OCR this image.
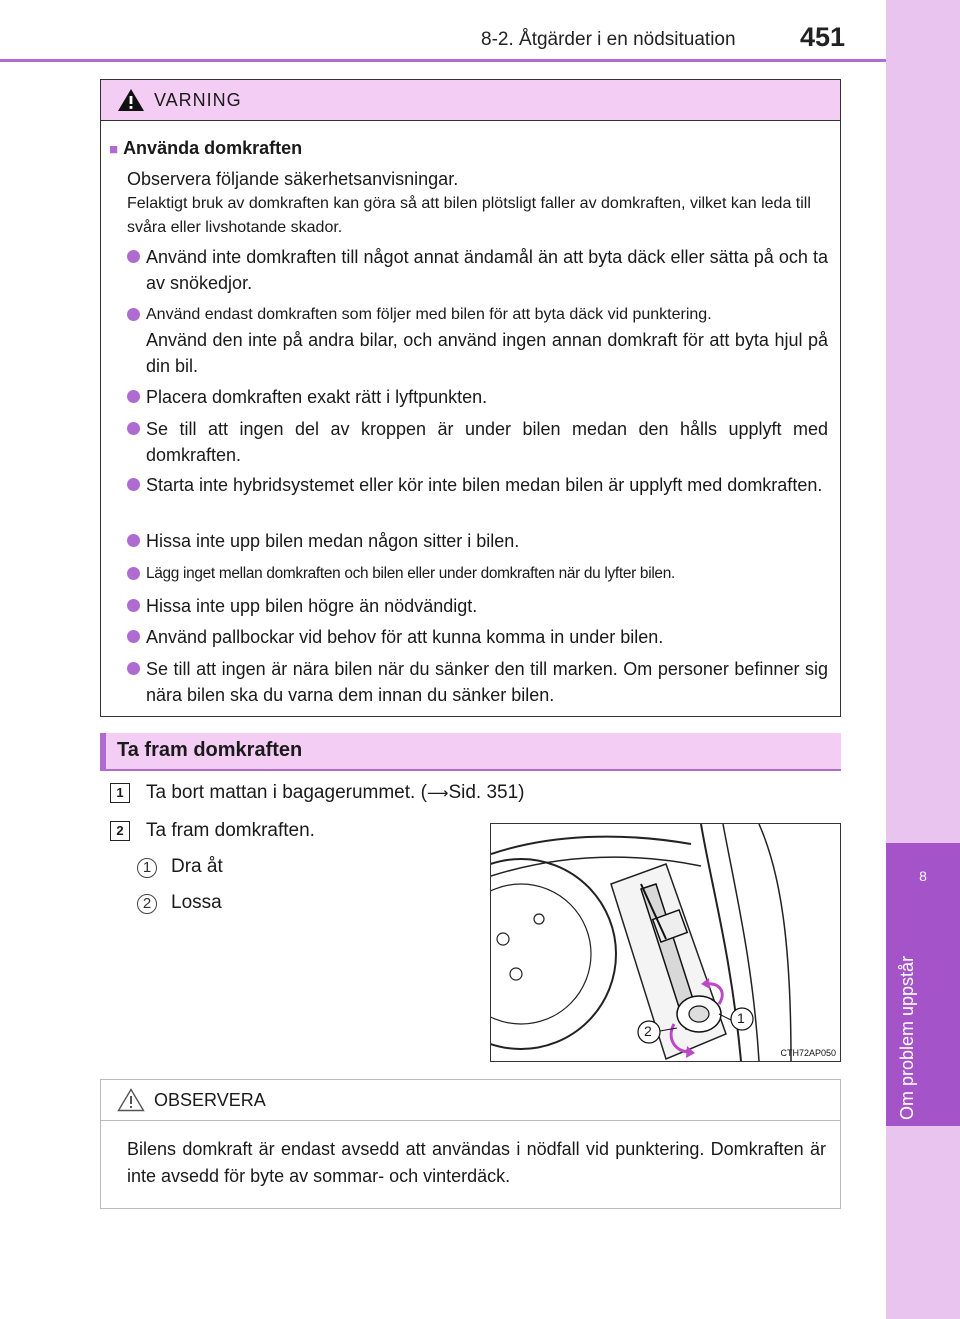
8
Om problem uppstår
8-2. Åtgärder i en nödsituation 451
VARNING
■ Använda domkraften
Observera följande säkerhetsanvisningar.
Felaktigt bruk av domkraften kan göra så att bilen plötsligt faller av domkraften, vilket kan leda till svåra eller livshotande skador.
Använd inte domkraften till något annat ändamål än att byta däck eller sätta på och ta av snökedjor.
Använd endast domkraften som följer med bilen för att byta däck vid punktering.
Använd den inte på andra bilar, och använd ingen annan domkraft för att byta hjul på din bil.
Placera domkraften exakt rätt i lyftpunkten.
Se till att ingen del av kroppen är under bilen medan den hålls upplyft med domkraften.
Starta inte hybridsystemet eller kör inte bilen medan bilen är upplyft med domkraften.
Hissa inte upp bilen medan någon sitter i bilen.
Lägg inget mellan domkraften och bilen eller under domkraften när du lyfter bilen.
Hissa inte upp bilen högre än nödvändigt.
Använd pallbockar vid behov för att kunna komma in under bilen.
Se till att ingen är nära bilen när du sänker den till marken. Om personer befinner sig nära bilen ska du varna dem innan du sänker bilen.
Ta fram domkraften
1	Ta bort mattan i bagagerummet. (⟶Sid. 351)
2	Ta fram domkraften.
1	Dra åt
2	Lossa
1
2
CTH72AP050
OBSERVERA
Bilens domkraft är endast avsedd att användas i nödfall vid punktering. Domkraften är inte avsedd för byte av sommar- och vinterdäck.
